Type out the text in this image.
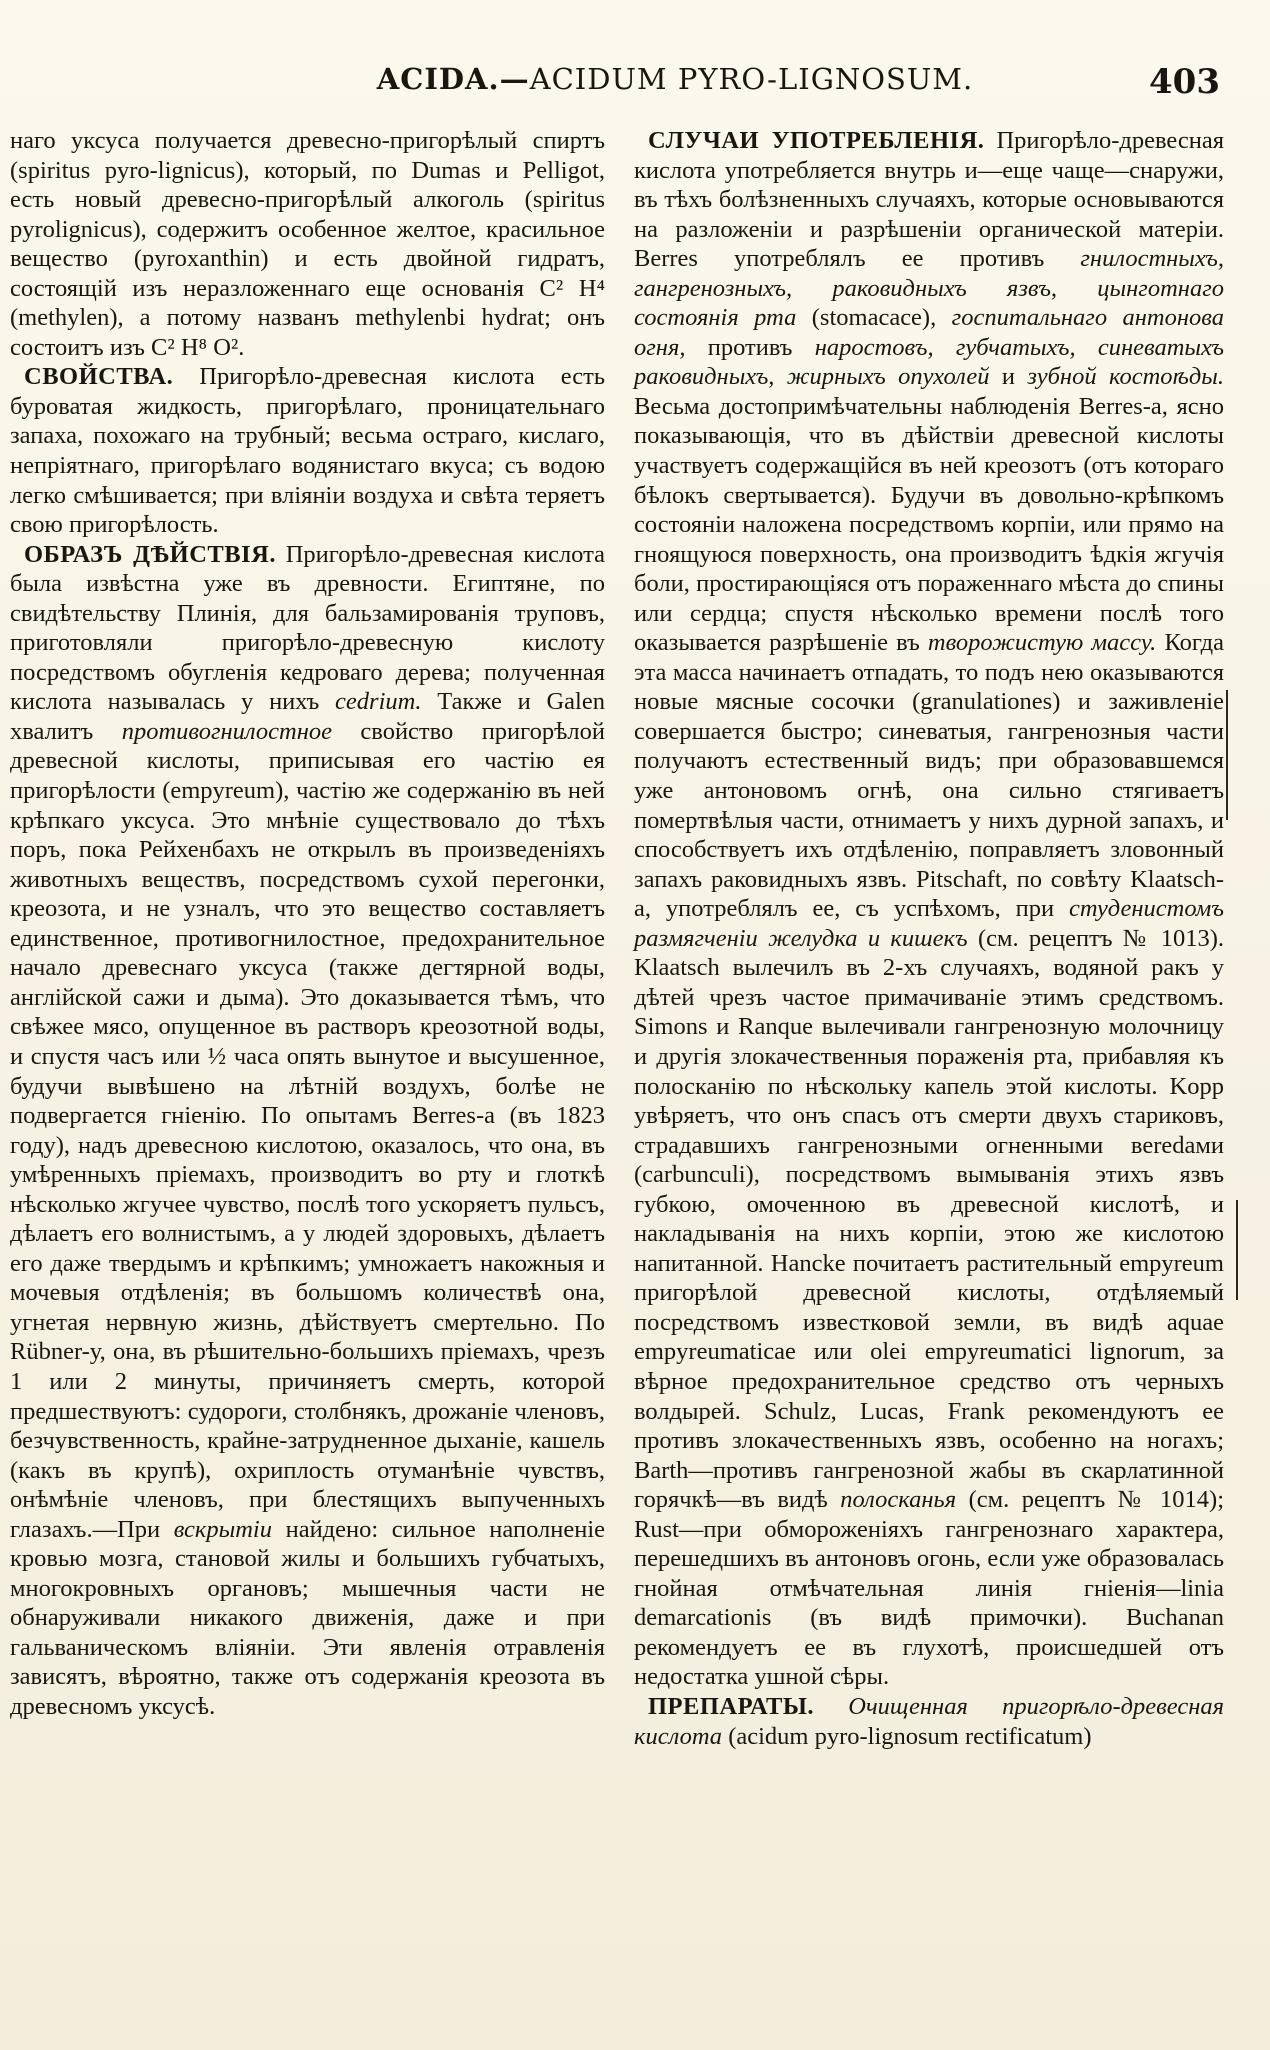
ACIDA.—ACIDUM PYRO-LIGNOSUM.	403

наго уксуса получается древесно-пригорѣлый спиртъ (spiritus pyro-lignicus), который, по Dumas и Pelligot, есть новый древесно-пригорѣлый алкоголь (spiritus pyrolignicus), содержитъ особенное желтое, красильное вещество (pyroxanthin) и есть двойной гидратъ, состоящій изъ неразложеннаго еще основанія C² H⁴ (methylen), а потому названъ methylenbi hydrat; онъ состоитъ изъ C² H⁸ O².

СВОЙСТВА. Пригорѣло-древесная кислота есть буроватая жидкость, пригорѣлаго, проницательнаго запаха, похожаго на трубный; весьма остраго, кислаго, непріятнаго, пригорѣлаго водянистаго вкуса; съ водою легко смѣшивается; при вліяніи воздуха и свѣта теряетъ свою пригорѣлость.

ОБРАЗЪ ДѢЙСТВІЯ. Пригорѣло-древесная кислота была извѣстна уже въ древности. Египтяне, по свидѣтельству Плинія, для бальзамированія труповъ, приготовляли пригорѣло-древесную кислоту посредствомъ обугленія кедроваго дерева; полученная кислота называлась у нихъ cedrium. Также и Galen хвалитъ противогнилостное свойство пригорѣлой древесной кислоты, приписывая его частію ея пригорѣлости (empyreum), частію же содержанію въ ней крѣпкаго уксуса. Это мнѣніе существовало до тѣхъ поръ, пока Рейхенбахъ не открылъ въ произведеніяхъ животныхъ веществъ, посредствомъ сухой перегонки, креозота, и не узналъ, что это вещество составляетъ единственное, противогнилостное, предохранительное начало древеснаго уксуса (также дегтярной воды, англійской сажи и дыма). Это доказывается тѣмъ, что свѣжее мясо, опущенное въ растворъ креозотной воды, и спустя часъ или ½ часа опять вынутое и высушенное, будучи вывѣшено на лѣтній воздухъ, болѣе не подвергается гніенію. По опытамъ Berres-а (въ 1823 году), надъ древесною кислотою, оказалось, что она, въ умѣренныхъ пріемахъ, производитъ во рту и глоткѣ нѣсколько жгучее чувство, послѣ того ускоряетъ пульсъ, дѣлаетъ его волнистымъ, а у людей здоровыхъ, дѣлаетъ его даже твердымъ и крѣпкимъ; умножаетъ накожныя и мочевыя отдѣленія; въ большомъ количествѣ она, угнетая нервную жизнь, дѣйствуетъ смертельно. По Rübner-у, она, въ рѣшительно-большихъ пріемахъ, чрезъ 1 или 2 минуты, причиняетъ смерть, которой предшествуютъ: судороги, столбнякъ, дрожаніе членовъ, безчувственность, крайне-затрудненное дыханіе, кашель (какъ въ крупѣ), охриплость отуманѣніе чувствъ, онѣмѣніе членовъ, при блестящихъ выпученныхъ глазахъ.—При вскрытіи найдено: сильное наполненіе кровью мозга, становой жилы и большихъ губчатыхъ, многокровныхъ органовъ; мышечныя части не обнаруживали никакого движенія, даже и при гальваническомъ вліяніи. Эти явленія отравленія зависятъ, вѣроятно, также отъ содержанія креозота въ древесномъ уксусѣ.

СЛУЧАИ УПОТРЕБЛЕНІЯ. Пригорѣло-древесная кислота употребляется внутрь и—еще чаще—снаружи, въ тѣхъ болѣзненныхъ случаяхъ, которые основываются на разложеніи и разрѣшеніи органической матеріи. Berres употреблялъ ее противъ гнилостныхъ, гангренозныхъ, раковидныхъ язвъ, цынготнаго состоянія рта (stomacace), госпитальнаго антонова огня, противъ наростовъ, губчатыхъ, синеватыхъ раковидныхъ, жирныхъ опухолей и зубной костоѣды. Весьма достопримѣчательны наблюденія Berres-а, ясно показывающія, что въ дѣйствіи древесной кислоты участвуетъ содержащійся въ ней креозотъ (отъ котораго бѣлокъ свертывается). Будучи въ довольно-крѣпкомъ состояніи наложена посредствомъ корпіи, или прямо на гноящуюся поверхность, она производитъ ѣдкія жгучія боли, простирающіяся отъ пораженнаго мѣста до спины или сердца; спустя нѣсколько времени послѣ того оказывается разрѣшеніе въ творожистую массу. Когда эта масса начинаетъ отпадать, то подъ нею оказываются новые мясные сосочки (granulationes) и заживленіе совершается быстро; синеватыя, гангренозныя части получаютъ естественный видъ; при образовавшемся уже антоновомъ огнѣ, она сильно стягиваетъ помертвѣлыя части, отнимаетъ у нихъ дурной запахъ, и способствуетъ ихъ отдѣленію, поправляетъ зловонный запахъ раковидныхъ язвъ. Pitschaft, по совѣту Klaatsch-а, употреблялъ ее, съ успѣхомъ, при студенистомъ размягченіи желудка и кишекъ (см. рецептъ № 1013). Klaatsch вылечилъ въ 2-хъ случаяхъ, водяной ракъ у дѣтей чрезъ частое примачиваніе этимъ средствомъ. Simons и Ranque вылечивали гангренозную молочницу и другія злокачественныя пораженія рта, прибавляя къ полосканію по нѣскольку капель этой кислоты. Kopp увѣряетъ, что онъ спасъ отъ смерти двухъ стариковъ, страдавшихъ гангренозными огненными веredами (carbunculi), посредствомъ вымыванія этихъ язвъ губкою, омоченною въ древесной кислотѣ, и накладыванія на нихъ корпіи, этою же кислотою напитанной. Hancke почитаетъ растительный empyreum пригорѣлой древесной кислоты, отдѣляемый посредствомъ известковой земли, въ видѣ aquae empyreumaticae или olei empyreumatici lignorum, за вѣрное предохранительное средство отъ черныхъ волдырей. Schulz, Lucas, Frank рекомендуютъ ее противъ злокачественныхъ язвъ, особенно на ногахъ; Barth—противъ гангренозной жабы въ скарлатинной горячкѣ—въ видѣ полосканья (см. рецептъ № 1014); Rust—при обмороженіяхъ гангренознаго характера, перешедшихъ въ антоновъ огонь, если уже образовалась гнойная отмѣчательная линія гніенія—linia demarcationis (въ видѣ примочки). Buchanan рекомендуетъ ее въ глухотѣ, происшедшей отъ недостатка ушной сѣры.

ПРЕПАРАТЫ. Очищенная пригорѣло-древесная кислота (acidum pyro-lignosum rectificatum)
